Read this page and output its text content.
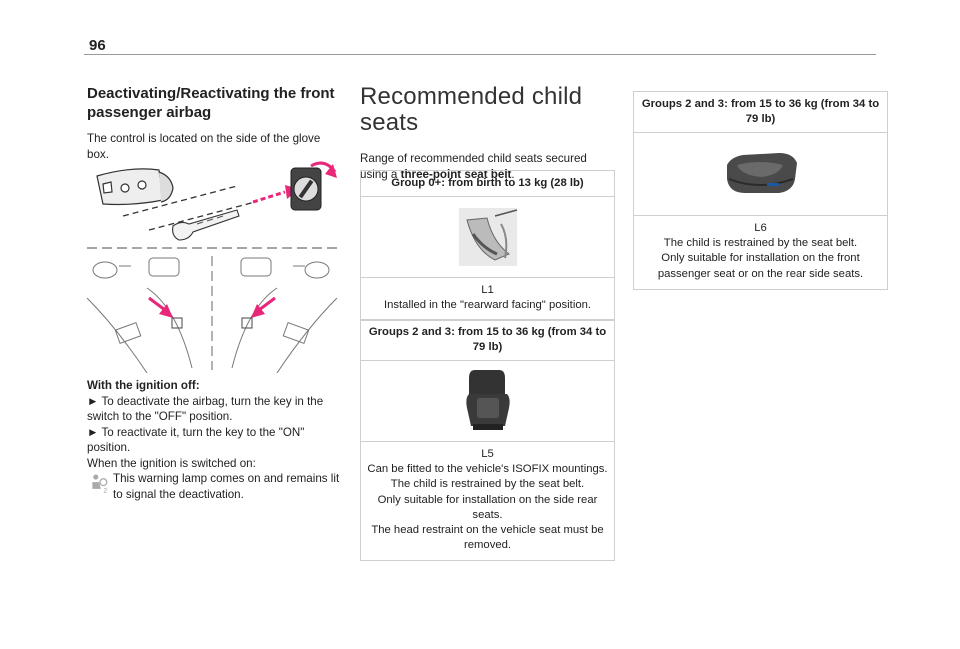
96
Deactivating/Reactivating the front passenger airbag

The control is located on the side of the glove box.

With the ignition off:

► To deactivate the airbag, turn the key in the switch to the "OFF" position.

► To reactivate it, turn the key to the "ON" position.

When the ignition is switched on:

2

This warning lamp comes on and remains lit to signal the deactivation.

Recommended child seats

Range of recommended child seats secured using a three-point seat belt.

Group 0+: from birth to 13 kg (28 lb)
L1
Installed in the "rearward facing" position.
Groups 2 and 3: from 15 to 36 kg (from 34 to 79 lb)
L5
Can be fitted to the vehicle's ISOFIX mountings.
The child is restrained by the seat belt.
Only suitable for installation on the side rear seats.
The head restraint on the vehicle seat must be removed.
Groups 2 and 3: from 15 to 36 kg (from 34 to 79 lb)
L6
The child is restrained by the seat belt.
Only suitable for installation on the front passenger seat or on the rear side seats.
